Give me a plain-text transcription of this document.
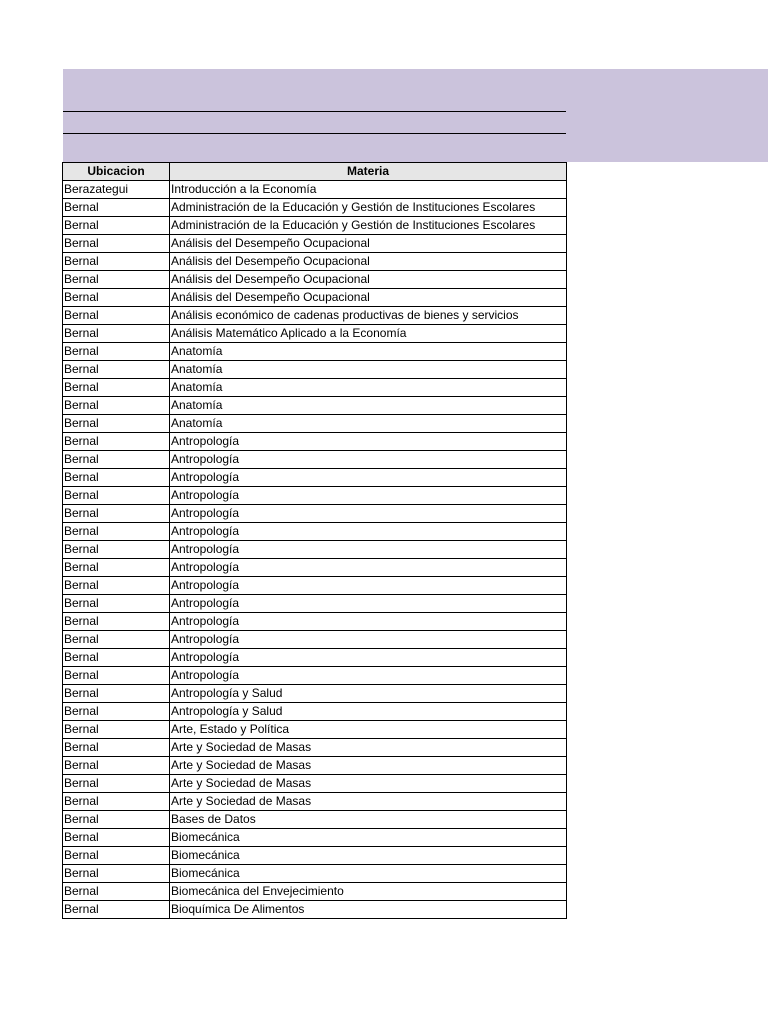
Ubicacion	Materia
Berazategui	Introducción a la Economía
Bernal	Administración de la Educación y Gestión de Instituciones Escolares
Bernal	Administración de la Educación y Gestión de Instituciones Escolares
Bernal	Análisis del Desempeño Ocupacional
Bernal	Análisis del Desempeño Ocupacional
Bernal	Análisis del Desempeño Ocupacional
Bernal	Análisis del Desempeño Ocupacional
Bernal	Análisis económico de cadenas productivas de bienes y servicios
Bernal	Análisis Matemático Aplicado a la Economía
Bernal	Anatomía
Bernal	Anatomía
Bernal	Anatomía
Bernal	Anatomía
Bernal	Anatomía
Bernal	Antropología
Bernal	Antropología
Bernal	Antropología
Bernal	Antropología
Bernal	Antropología
Bernal	Antropología
Bernal	Antropología
Bernal	Antropología
Bernal	Antropología
Bernal	Antropología
Bernal	Antropología
Bernal	Antropología
Bernal	Antropología
Bernal	Antropología
Bernal	Antropología y Salud
Bernal	Antropología y Salud
Bernal	Arte, Estado y Política
Bernal	Arte y Sociedad de Masas
Bernal	Arte y Sociedad de Masas
Bernal	Arte y Sociedad de Masas
Bernal	Arte y Sociedad de Masas
Bernal	Bases de Datos
Bernal	Biomecánica
Bernal	Biomecánica
Bernal	Biomecánica
Bernal	Biomecánica del Envejecimiento
Bernal	Bioquímica De Alimentos
